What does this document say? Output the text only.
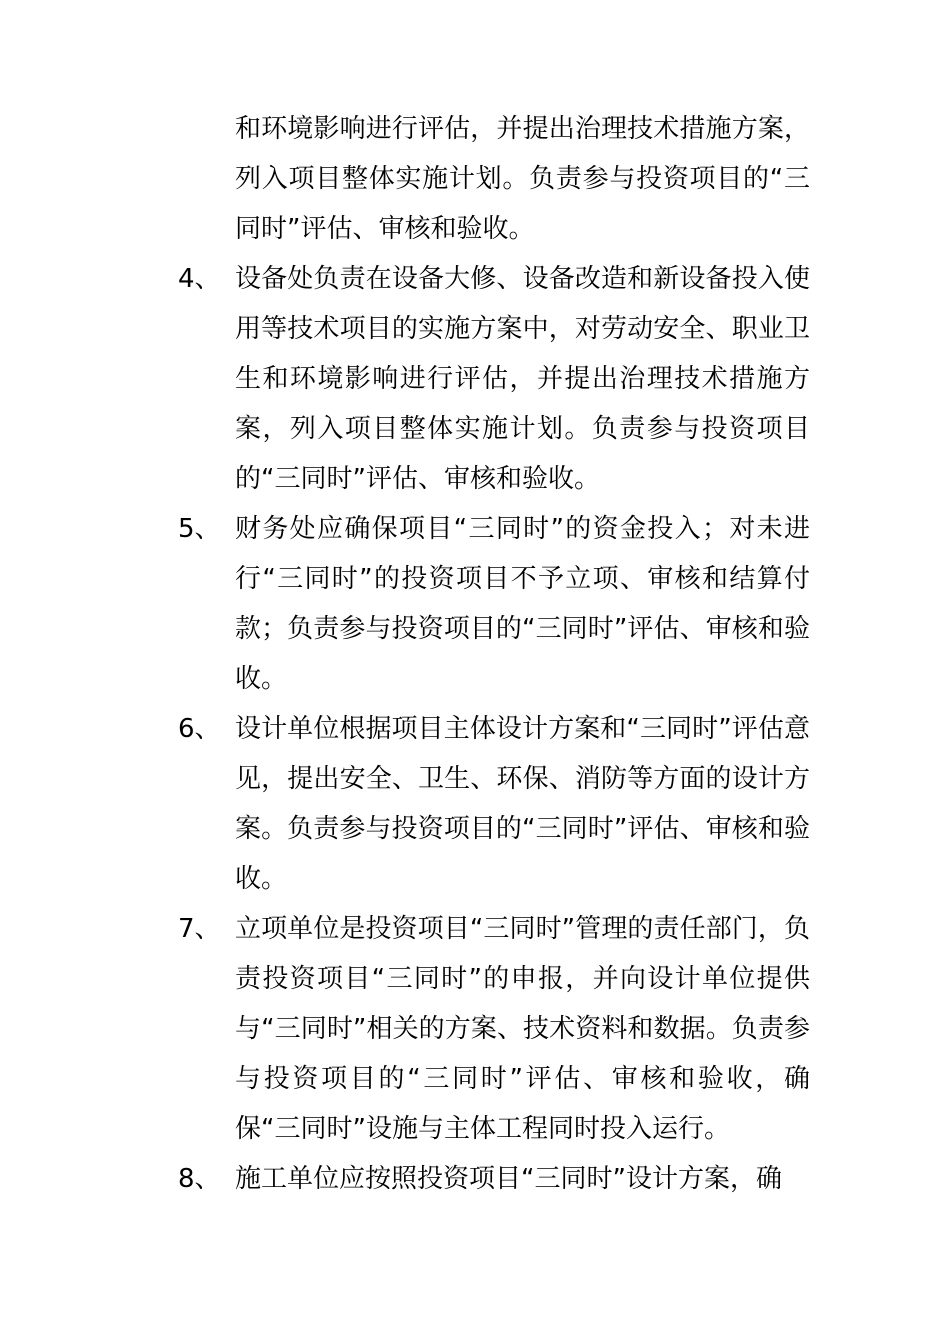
和环境影响进行评估，并提出治理技术措施方案，列入项目整体实施计划。负责参与投资项目的“三同时”评估、审核和验收。
4、 设备处负责在设备大修、设备改造和新设备投入使用等技术项目的实施方案中，对劳动安全、职业卫生和环境影响进行评估，并提出治理技术措施方案，列入项目整体实施计划。负责参与投资项目的“三同时”评估、审核和验收。
5、 财务处应确保项目“三同时”的资金投入；对未进行“三同时”的投资项目不予立项、审核和结算付款；负责参与投资项目的“三同时”评估、审核和验收。
6、 设计单位根据项目主体设计方案和“三同时”评估意见，提出安全、卫生、环保、消防等方面的设计方案。负责参与投资项目的“三同时”评估、审核和验收。
7、 立项单位是投资项目“三同时”管理的责任部门，负责投资项目“三同时”的申报，并向设计单位提供与“三同时”相关的方案、技术资料和数据。负责参与投资项目的“三同时”评估、审核和验收，确保“三同时”设施与主体工程同时投入运行。
8、 施工单位应按照投资项目“三同时”设计方案，确
